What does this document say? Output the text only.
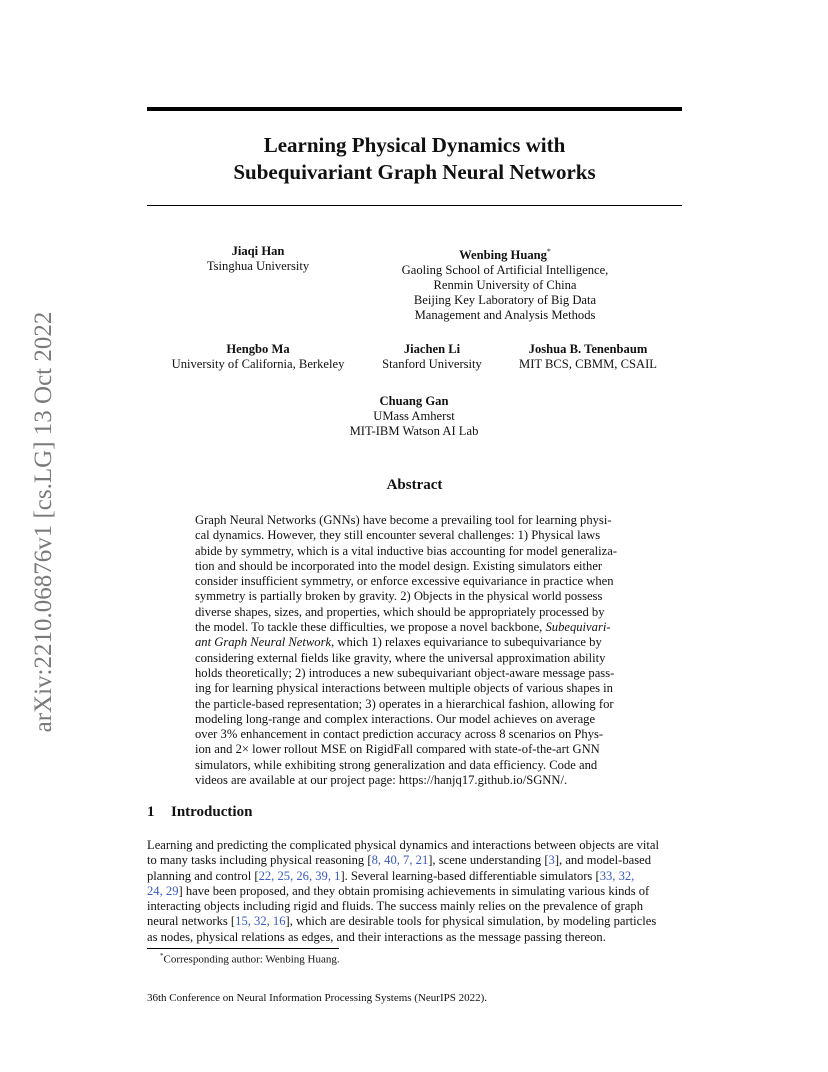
arXiv:2210.06876v1 [cs.LG] 13 Oct 2022
Learning Physical Dynamics with
Subequivariant Graph Neural Networks
Jiaqi Han
Tsinghua University
Wenbing Huang*
Gaoling School of Artificial Intelligence,
Renmin University of China
Beijing Key Laboratory of Big Data
Management and Analysis Methods
Hengbo Ma
University of California, Berkeley
Jiachen Li
Stanford University
Joshua B. Tenenbaum
MIT BCS, CBMM, CSAIL
Chuang Gan
UMass Amherst
MIT-IBM Watson AI Lab
Abstract
Graph Neural Networks (GNNs) have become a prevailing tool for learning physi-
cal dynamics. However, they still encounter several challenges: 1) Physical laws
abide by symmetry, which is a vital inductive bias accounting for model generaliza-
tion and should be incorporated into the model design. Existing simulators either
consider insufficient symmetry, or enforce excessive equivariance in practice when
symmetry is partially broken by gravity. 2) Objects in the physical world possess
diverse shapes, sizes, and properties, which should be appropriately processed by
the model. To tackle these difficulties, we propose a novel backbone, Subequivari-
ant Graph Neural Network, which 1) relaxes equivariance to subequivariance by
considering external fields like gravity, where the universal approximation ability
holds theoretically; 2) introduces a new subequivariant object-aware message pass-
ing for learning physical interactions between multiple objects of various shapes in
the particle-based representation; 3) operates in a hierarchical fashion, allowing for
modeling long-range and complex interactions. Our model achieves on average
over 3% enhancement in contact prediction accuracy across 8 scenarios on Phys-
ion and 2× lower rollout MSE on RigidFall compared with state-of-the-art GNN
simulators, while exhibiting strong generalization and data efficiency. Code and
videos are available at our project page: https://hanjq17.github.io/SGNN/.
1 Introduction
Learning and predicting the complicated physical dynamics and interactions between objects are vital
to many tasks including physical reasoning [8, 40, 7, 21], scene understanding [3], and model-based
planning and control [22, 25, 26, 39, 1]. Several learning-based differentiable simulators [33, 32,
24, 29] have been proposed, and they obtain promising achievements in simulating various kinds of
interacting objects including rigid and fluids. The success mainly relies on the prevalence of graph
neural networks [15, 32, 16], which are desirable tools for physical simulation, by modeling particles
as nodes, physical relations as edges, and their interactions as the message passing thereon.
*Corresponding author: Wenbing Huang.
36th Conference on Neural Information Processing Systems (NeurIPS 2022).
